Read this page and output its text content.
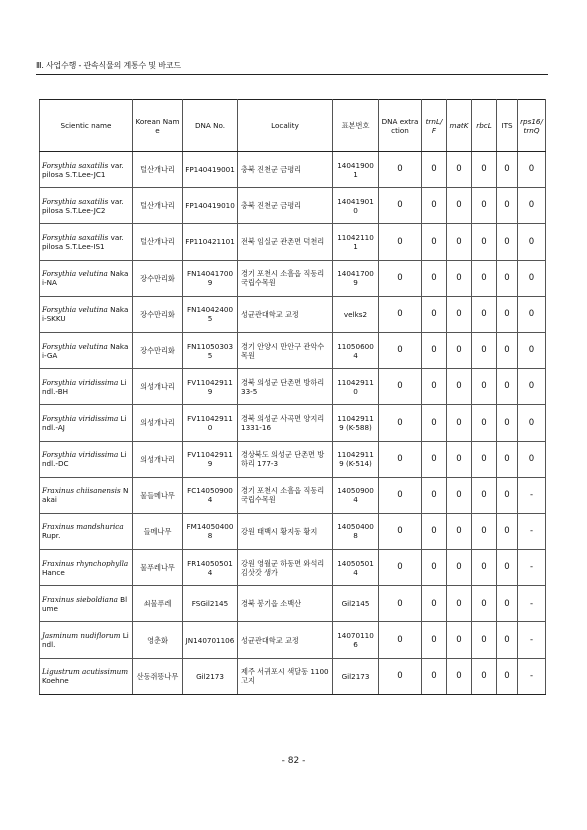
Ⅲ. 사업수행 - 관속식물의 계통수 및 바코드
Scientic name	Korean Name	DNA No.	Locality	표본번호	DNA extraction	trnL/F	matK	rbcL	ITS	rps16/trnQ
Forsythia saxatilis var. pilosa S.T.Lee-JC1	털산개나리	FP140419001	충북 진천군 금평리	140419001	0	0	0	0	0	0
Forsythia saxatilis var. pilosa S.T.Lee-JC2	털산개나리	FP140419010	충북 진천군 금평리	140419010	0	0	0	0	0	0
Forsythia saxatilis var. pilosa S.T.Lee-IS1	털산개나리	FP110421101	전북 임실군 관촌면 덕천리	110421101	0	0	0	0	0	0
Forsythia velutina Nakai-NA	장수만리화	FN140417009	경기 포천시 소흘읍 직동리 국립수목원	140417009	0	0	0	0	0	0
Forsythia velutina Nakai-SKKU	장수만리화	FN140424005	성균관대학교 교정	velks2	0	0	0	0	0	0
Forsythia velutina Nakai-GA	장수만리화	FN110503035	경기 안양시 만안구 관악수목원	110506004	0	0	0	0	0	0
Forsythia viridissima Lindl.-BH	의성개나리	FV110429119	경북 의성군 단촌면 방하리 33-5	110429110	0	0	0	0	0	0
Forsythia viridissima Lindl.-AJ	의성개나리	FV110429110	경북 의성군 사곡면 양지리 1331-16	110429119 (K-588)	0	0	0	0	0	0
Forsythia viridissima Lindl.-DC	의성개나리	FV110429119	경상북도 의성군 단촌면 방하리 177-3	110429119 (K-514)	0	0	0	0	0	0
Fraxinus chiisanensis Nakai	물들메나무	FC140509004	경기 포천시 소흘읍 직동리 국립수목원	140509004	0	0	0	0	0	-
Fraxinus mandshurica Rupr.	들메나무	FM140504008	강원 태백시 황지동 황지	140504008	0	0	0	0	0	-
Fraxinus rhynchophylla Hance	물푸레나무	FR140505014	강원 영월군 하동면 와석리 김삿갓 생가	140505014	0	0	0	0	0	-
Fraxinus sieboldiana Blume	쇠물푸레	FSGil2145	경북 봉기읍 소백산	Gil2145	0	0	0	0	0	-
Jasminum nudiflorum Lindl.	영춘화	JN140701106	성균관대학교 교정	140701106	0	0	0	0	0	-
Ligustrum acutissimum Koehne	산동쥐똥나무	Gil2173	제주 서귀포시 색달동 1100고지	Gil2173	0	0	0	0	0	-
- 82 -
